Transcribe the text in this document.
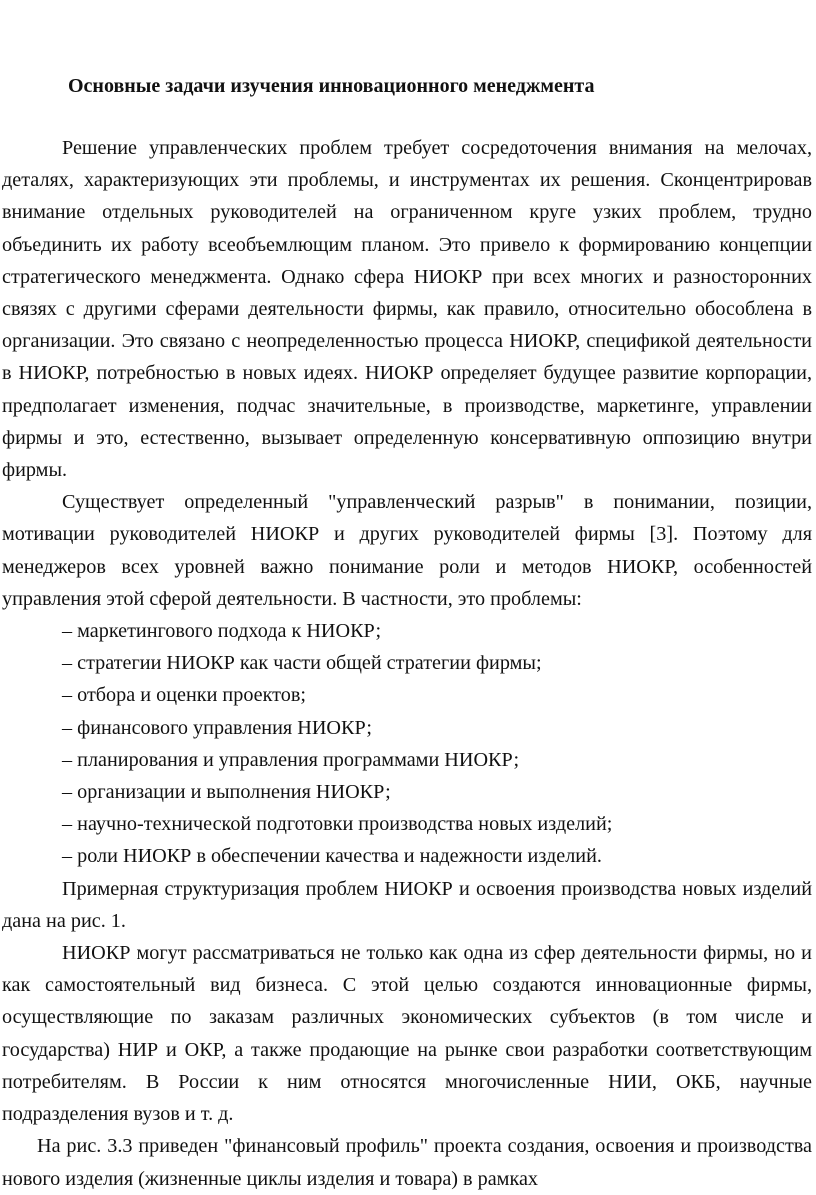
Основные задачи изучения инновационного менеджмента

Решение управленческих проблем требует сосредоточения внимания на мелочах, деталях, характеризующих эти проблемы, и инструментах их решения. Сконцентрировав внимание отдельных руководителей на ограниченном круге узких проблем, трудно объединить их работу всеобъемлющим планом. Это привело к формированию концепции стратегического менеджмента. Однако сфера НИОКР при всех многих и разносторонних связях с другими сферами деятельности фирмы, как правило, относительно обособлена в организации. Это связано с неопределенностью процесса НИОКР, спецификой деятельности в НИОКР, потребностью в новых идеях. НИОКР определяет будущее развитие корпорации, предполагает изменения, подчас значительные, в производстве, маркетинге, управлении фирмы и это, естественно, вызывает определенную консервативную оппозицию внутри фирмы.

Существует определенный "управленческий разрыв" в понимании, позиции, мотивации руководителей НИОКР и других руководителей фирмы [3]. Поэтому для менеджеров всех уровней важно понимание роли и методов НИОКР, особенностей управления этой сферой деятельности. В частности, это проблемы:

– маркетингового подхода к НИОКР;
– стратегии НИОКР как части общей стратегии фирмы;
– отбора и оценки проектов;
– финансового управления НИОКР;
– планирования и управления программами НИОКР;
– организации и выполнения НИОКР;
– научно-технической подготовки производства новых изделий;
– роли НИОКР в обеспечении качества и надежности изделий.

Примерная структуризация проблем НИОКР и освоения производства новых изделий дана на рис. 1.

НИОКР могут рассматриваться не только как одна из сфер деятельности фирмы, но и как самостоятельный вид бизнеса. С этой целью создаются инновационные фирмы, осуществляющие по заказам различных экономических субъектов (в том числе и государства) НИР и ОКР, а также продающие на рынке свои разработки соответствующим потребителям. В России к ним относятся многочисленные НИИ, ОКБ, научные подразделения вузов и т. д.

На рис. 3.3 приведен "финансовый профиль" проекта создания, освоения и производства нового изделия (жизненные циклы изделия и товара) в рамках
